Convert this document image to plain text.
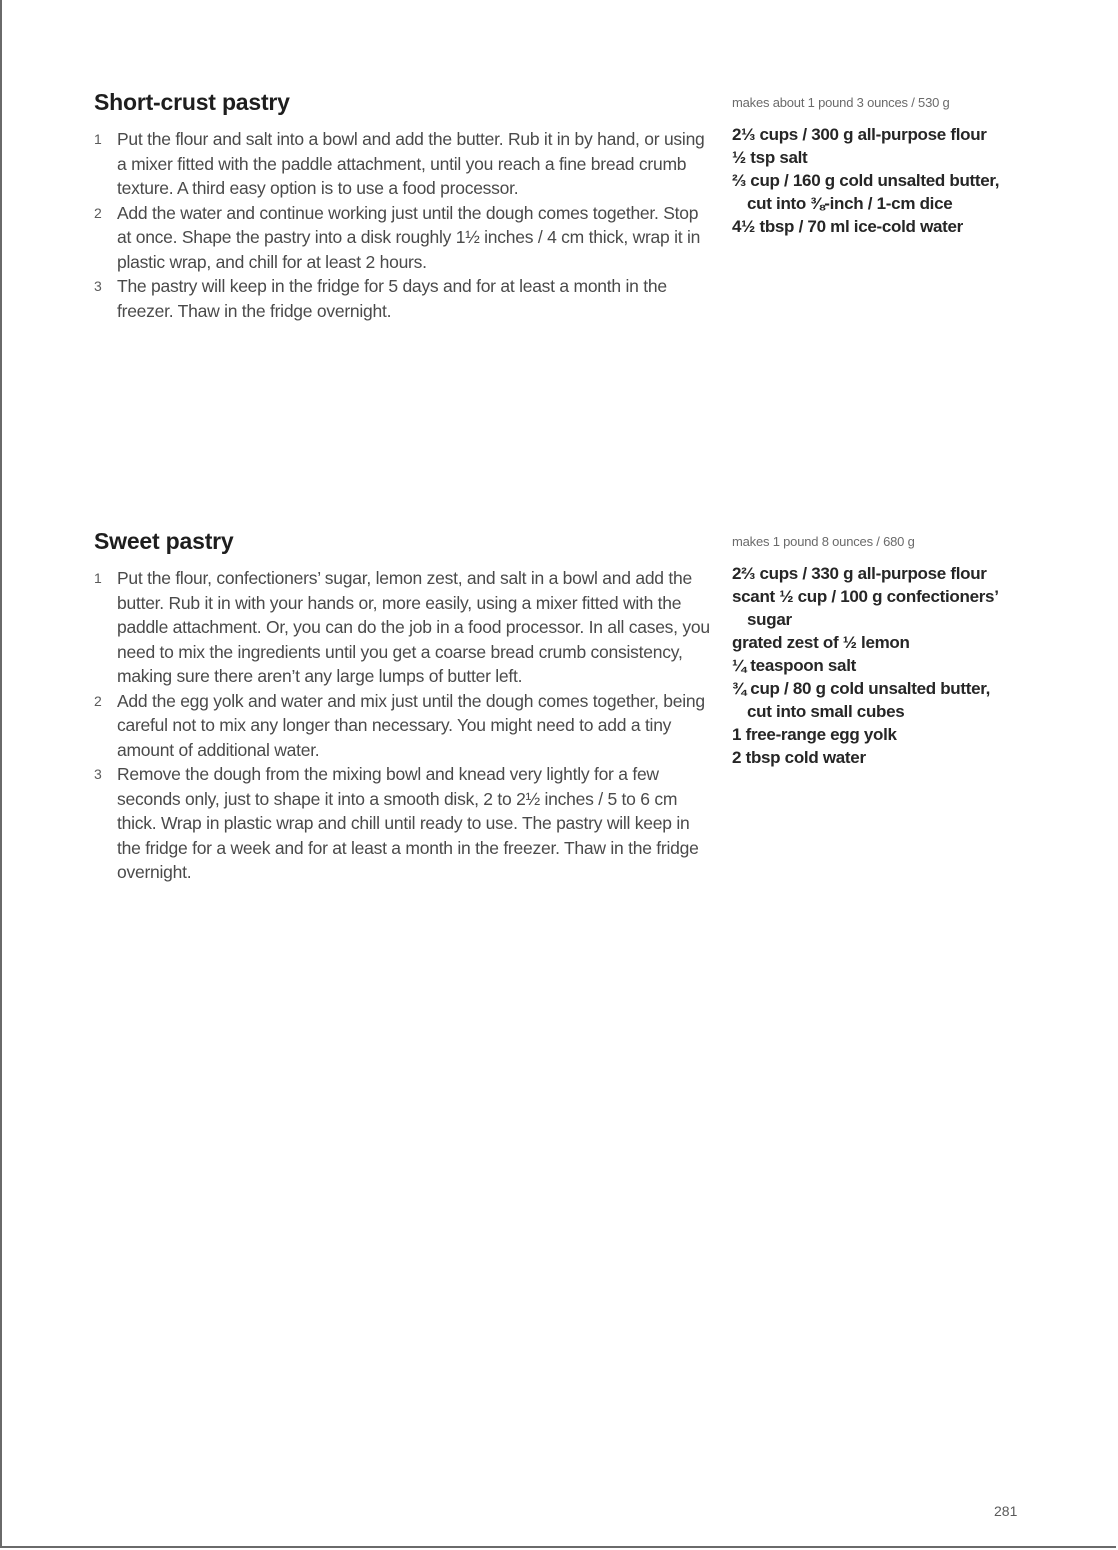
Short-crust pastry	makes about 1 pound 3 ounces / 530 g
1 Put the flour and salt into a bowl and add the butter. Rub it in by hand, or using a mixer fitted with the paddle attachment, until you reach a fine bread crumb texture. A third easy option is to use a food processor.
2 Add the water and continue working just until the dough comes together. Stop at once. Shape the pastry into a disk roughly 1½ inches / 4 cm thick, wrap it in plastic wrap, and chill for at least 2 hours.
3 The pastry will keep in the fridge for 5 days and for at least a month in the freezer. Thaw in the fridge overnight.
2⅓ cups / 300 g all-purpose flour
½ tsp salt
⅔ cup / 160 g cold unsalted butter, cut into ⅜-inch / 1-cm dice
4½ tbsp / 70 ml ice-cold water
Sweet pastry	makes 1 pound 8 ounces / 680 g
1 Put the flour, confectioners’ sugar, lemon zest, and salt in a bowl and add the butter. Rub it in with your hands or, more easily, using a mixer fitted with the paddle attachment. Or, you can do the job in a food processor. In all cases, you need to mix the ingredients until you get a coarse bread crumb consistency, making sure there aren’t any large lumps of butter left.
2 Add the egg yolk and water and mix just until the dough comes together, being careful not to mix any longer than necessary. You might need to add a tiny amount of additional water.
3 Remove the dough from the mixing bowl and knead very lightly for a few seconds only, just to shape it into a smooth disk, 2 to 2½ inches / 5 to 6 cm thick. Wrap in plastic wrap and chill until ready to use. The pastry will keep in the fridge for a week and for at least a month in the freezer. Thaw in the fridge overnight.
2⅔ cups / 330 g all-purpose flour
scant ½ cup / 100 g confectioners’ sugar
grated zest of ½ lemon
¼ teaspoon salt
¾ cup / 80 g cold unsalted butter, cut into small cubes
1 free-range egg yolk
2 tbsp cold water
281
